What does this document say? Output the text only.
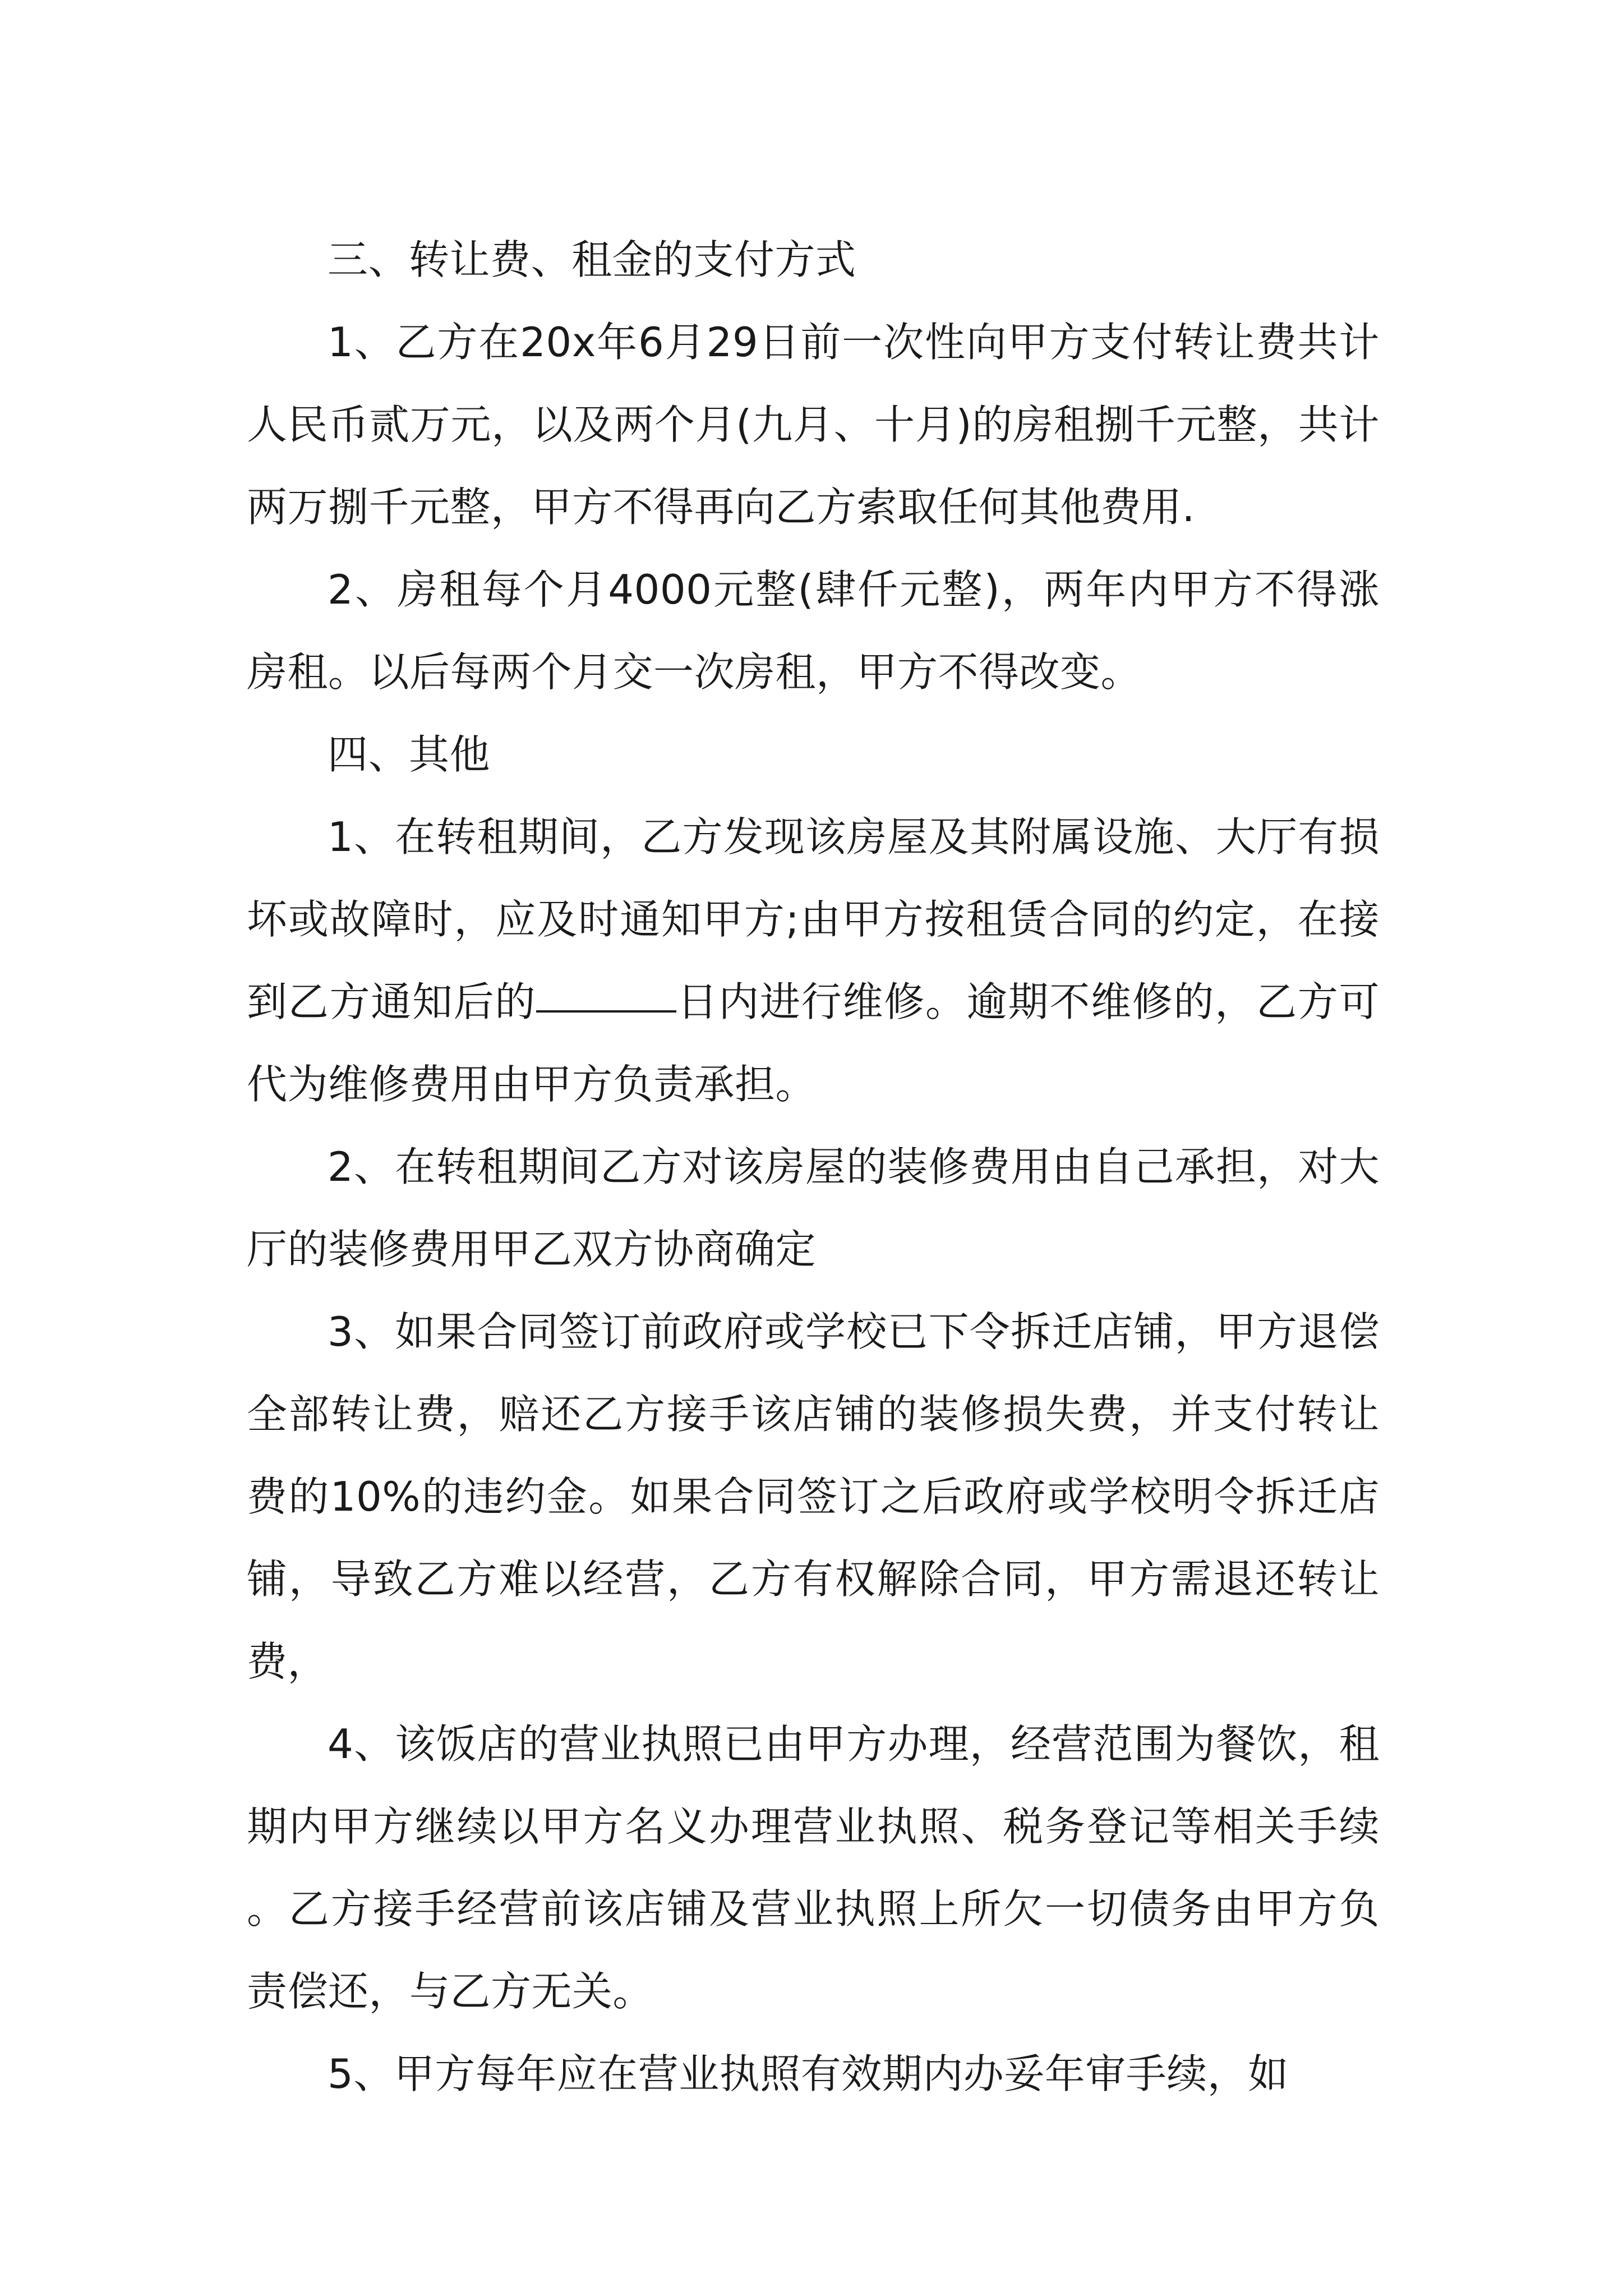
三、转让费、租金的支付方式

1、乙方在20x年6月29日前一次性向甲方支付转让费共计人民币贰万元，以及两个月(九月、十月)的房租捌千元整，共计两万捌千元整，甲方不得再向乙方索取任何其他费用.

2、房租每个月4000元整(肆仟元整)，两年内甲方不得涨房租。以后每两个月交一次房租，甲方不得改变。

四、其他

1、在转租期间，乙方发现该房屋及其附属设施、大厅有损坏或故障时，应及时通知甲方;由甲方按租赁合同的约定，在接到乙方通知后的	日内进行维修。逾期不维修的，乙方可代为维修费用由甲方负责承担。

2、在转租期间乙方对该房屋的装修费用由自己承担，对大厅的装修费用甲乙双方协商确定

3、如果合同签订前政府或学校已下令拆迁店铺，甲方退偿全部转让费，赔还乙方接手该店铺的装修损失费，并支付转让费的10%的违约金。如果合同签订之后政府或学校明令拆迁店铺，导致乙方难以经营，乙方有权解除合同，甲方需退还转让费，

4、该饭店的营业执照已由甲方办理，经营范围为餐饮，租期内甲方继续以甲方名义办理营业执照、税务登记等相关手续。乙方接手经营前该店铺及营业执照上所欠一切债务由甲方负责偿还，与乙方无关。

5、甲方每年应在营业执照有效期内办妥年审手续，如
